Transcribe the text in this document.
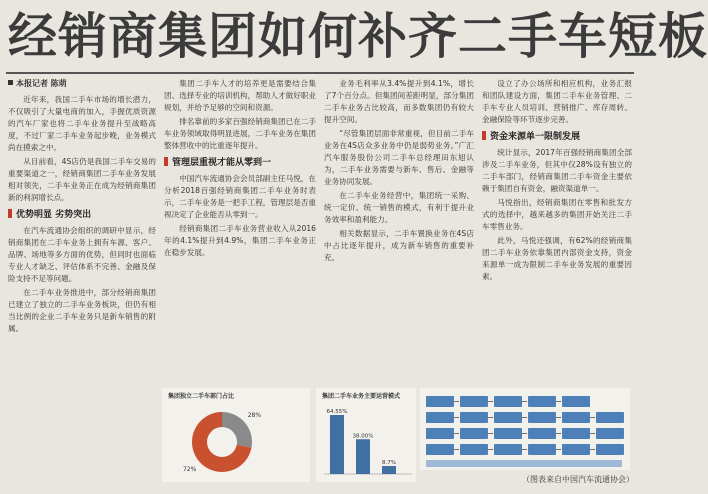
经销商集团如何补齐二手车短板
本报记者 陈萌

近年来，我国二手车市场的增长潜力，不仅吸引了大量电商的加入，手握优质资源的汽车厂家也将二手车业务提升至战略高度，不过厂家二手车业务起步晚，业务模式尚在摸索之中。

从目前看，4S店仍是我国二手车交易的重要渠道之一，经销商集团二手车业务发展相对领先，二手车业务正在成为经销商集团新的利润增长点。

优势明显 劣势突出

在汽车流通协会组织的调研中显示，经销商集团在二手车业务上拥有车源、客户、品牌、场地等多方面的优势，但同时也面临专业人才缺乏、评估体系不完善、金融及保险支持不足等问题。

在二手车业务推进中，部分经销商集团已建立了独立的二手车业务板块，但仍有相当比例的企业二手车业务只是新车销售的附属。

集团二手车人才的培养更是需要结合集团、选择专业的培训机构，帮助人才做好职业规划，并给予足够的空间和资源。

排名靠前的多家百强经销商集团已在二手车业务领域取得明显进展，二手车业务在集团整体营收中的比重逐年提升。

管理层重视才能从零到一

中国汽车流通协会会员部副主任马悦，在分析2018百强经销商集团二手车业务时表示，二手车业务是一把手工程，管理层是否重视决定了企业能否从零到一。

经销商集团二手车业务营业收入从2016年的4.1%提升到4.9%，集团二手车业务正在稳步发展。

业务毛利率从3.4%提升到4.1%，增长了7个百分点。但集团间差距明显，部分集团二手车业务占比较高，而多数集团仍有较大提升空间。

“尽管集团层面非常重视，但目前二手车业务在4S店众多业务中仍是弱势业务。”广汇汽车服务股份公司二手车总经理田东旭认为，二手车业务需要与新车、售后、金融等业务协同发展。

在二手车业务经营中，集团统一采购、统一定价、统一销售的模式，有利于提升业务效率和盈利能力。

相关数据显示，二手车置换业务在4S店中占比逐年提升，成为新车销售的重要补充。

设立了办公场所和相应机构，业务汇报和团队建设方面，集团二手车业务管理、二手车专业人员培训、营销推广、库存周转、金融保险等环节逐步完善。

资金来源单一限制发展

统计显示，2017年百强经销商集团全部涉及二手车业务，但其中仅28%设有独立的二手车部门，经销商集团二手车资金主要依赖于集团自有资金，融资渠道单一。

马悦指出，经销商集团在零售和批发方式的选择中，越来越多的集团开始关注二手车零售业务。

此外，马悦还强调，有62%的经销商集团二手车业务依靠集团内部资金支持，资金来源单一成为限制二手车业务发展的重要因素。

集团独立二手车部门占比
28%
72%
集团二手车业务主要运营模式
64.55%
38.00%
8.7%
（图表来自中国汽车流通协会）
